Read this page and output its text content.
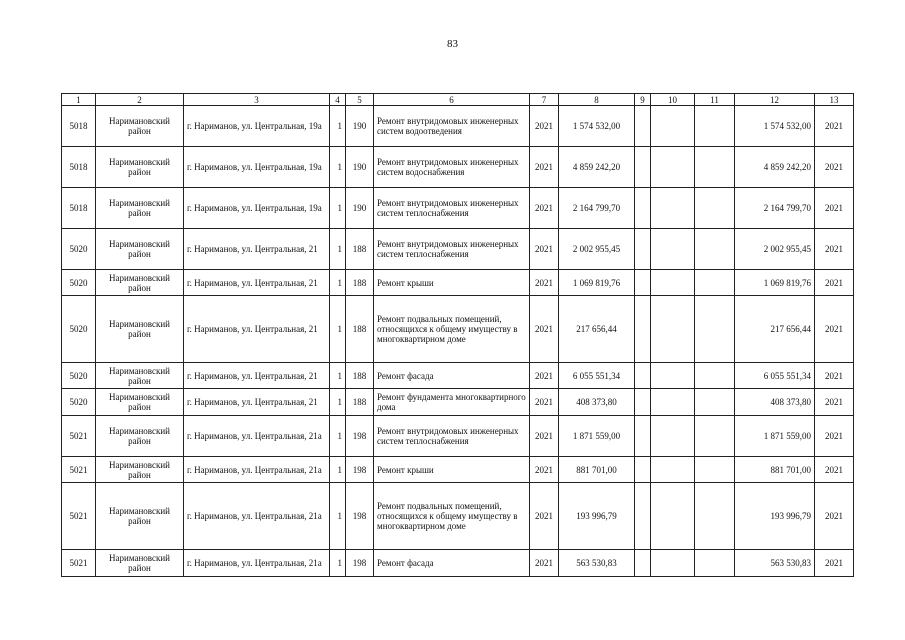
83
1	2	3	4	5	6	7	8	9	10	11	12	13
5018	Наримановский район	г. Нариманов, ул. Центральная, 19а	1	190	Ремонт внутридомовых инженерных систем водоотведения	2021	1 574 532,00				1 574 532,00	2021
5018	Наримановский район	г. Нариманов, ул. Центральная, 19а	1	190	Ремонт внутридомовых инженерных систем водоснабжения	2021	4 859 242,20				4 859 242,20	2021
5018	Наримановский район	г. Нариманов, ул. Центральная, 19а	1	190	Ремонт внутридомовых инженерных систем теплоснабжения	2021	2 164 799,70				2 164 799,70	2021
5020	Наримановский район	г. Нариманов, ул. Центральная, 21	1	188	Ремонт внутридомовых инженерных систем теплоснабжения	2021	2 002 955,45				2 002 955,45	2021
5020	Наримановский район	г. Нариманов, ул. Центральная, 21	1	188	Ремонт крыши	2021	1 069 819,76				1 069 819,76	2021
5020	Наримановский район	г. Нариманов, ул. Центральная, 21	1	188	Ремонт подвальных помещений, относящихся к общему имуществу в многоквартирном доме	2021	217 656,44				217 656,44	2021
5020	Наримановский район	г. Нариманов, ул. Центральная, 21	1	188	Ремонт фасада	2021	6 055 551,34				6 055 551,34	2021
5020	Наримановский район	г. Нариманов, ул. Центральная, 21	1	188	Ремонт фундамента многоквартирного дома	2021	408 373,80				408 373,80	2021
5021	Наримановский район	г. Нариманов, ул. Центральная, 21а	1	198	Ремонт внутридомовых инженерных систем теплоснабжения	2021	1 871 559,00				1 871 559,00	2021
5021	Наримановский район	г. Нариманов, ул. Центральная, 21а	1	198	Ремонт крыши	2021	881 701,00				881 701,00	2021
5021	Наримановский район	г. Нариманов, ул. Центральная, 21а	1	198	Ремонт подвальных помещений, относящихся к общему имуществу в многоквартирном доме	2021	193 996,79				193 996,79	2021
5021	Наримановский район	г. Нариманов, ул. Центральная, 21а	1	198	Ремонт фасада	2021	563 530,83				563 530,83	2021
